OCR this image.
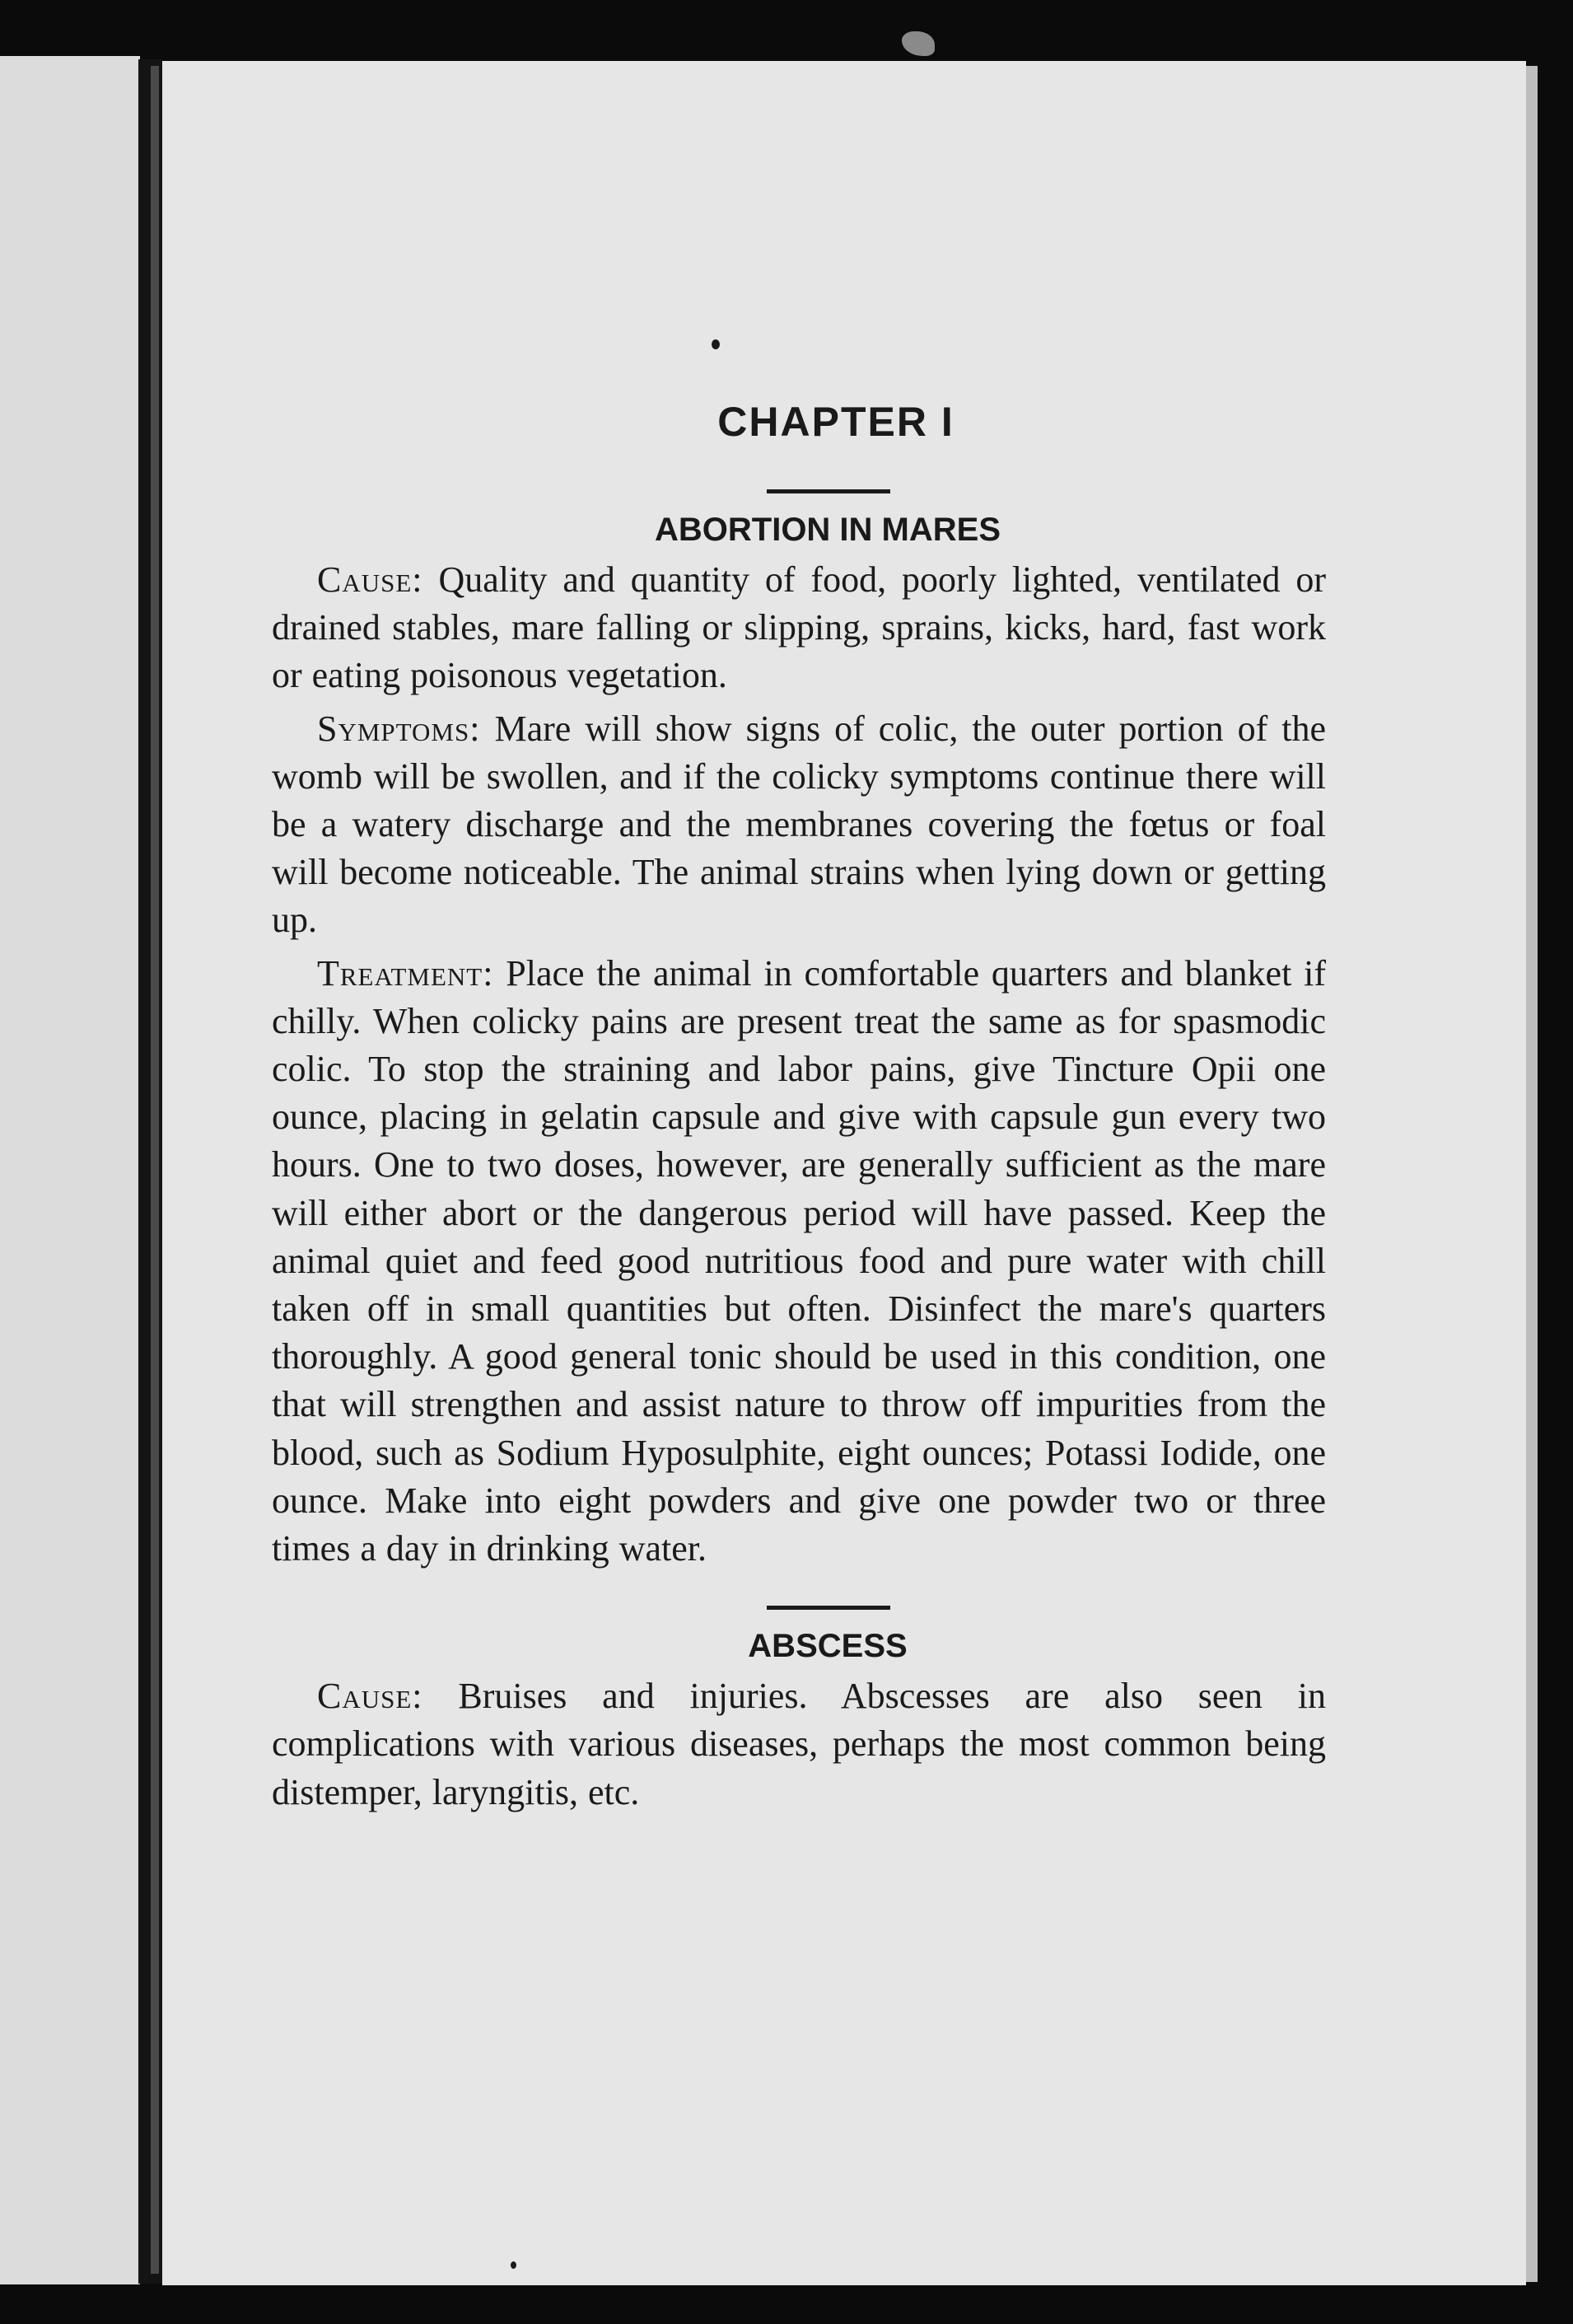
CHAPTER I
ABORTION IN MARES

Cause: Quality and quantity of food, poorly lighted, ventilated or drained stables, mare falling or slipping, sprains, kicks, hard, fast work or eating poisonous vegetation.

Symptoms: Mare will show signs of colic, the outer portion of the womb will be swollen, and if the colicky symptoms continue there will be a watery discharge and the membranes covering the fœtus or foal will become noticeable. The animal strains when lying down or getting up.

Treatment: Place the animal in comfortable quarters and blanket if chilly. When colicky pains are present treat the same as for spasmodic colic. To stop the straining and labor pains, give Tincture Opii one ounce, placing in gelatin capsule and give with capsule gun every two hours. One to two doses, however, are generally sufficient as the mare will either abort or the dangerous period will have passed. Keep the animal quiet and feed good nutritious food and pure water with chill taken off in small quantities but often. Disinfect the mare's quarters thoroughly. A good general tonic should be used in this condition, one that will strengthen and assist nature to throw off impurities from the blood, such as Sodium Hyposulphite, eight ounces; Potassi Iodide, one ounce. Make into eight powders and give one powder two or three times a day in drinking water.

ABSCESS

Cause: Bruises and injuries. Abscesses are also seen in complications with various diseases, perhaps the most common being distemper, laryngitis, etc.
